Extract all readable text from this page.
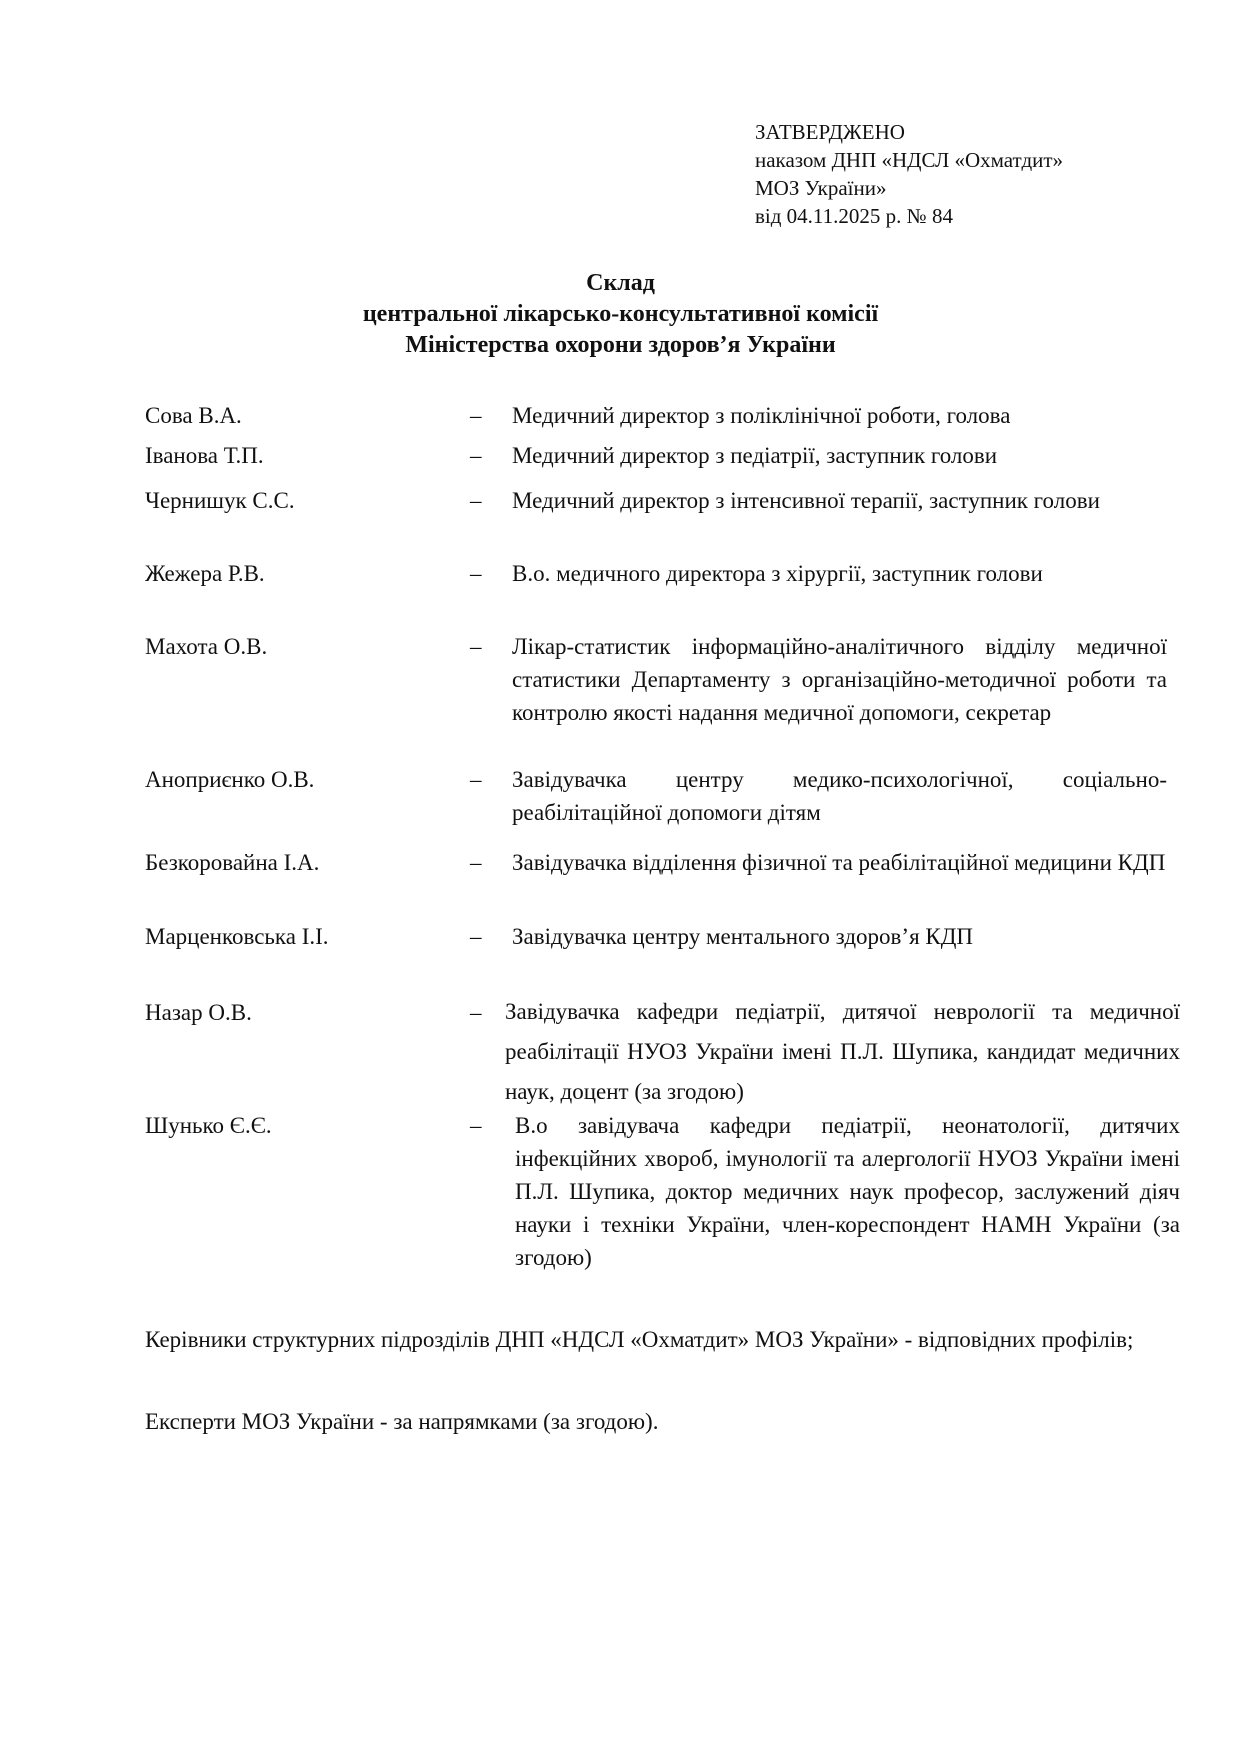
ЗАТВЕРДЖЕНО
наказом ДНП «НДСЛ «Охматдит»
МОЗ України»
від 04.11.2025 р. № 84
Склад
центральної лікарсько-консультативної комісії
Міністерства охорони здоров’я України
Сова В.А.	– Медичний директор з поліклінічної роботи, голова
Іванова Т.П.	– Медичний директор з педіатрії, заступник голови
Чернишук С.С.	– Медичний директор з інтенсивної терапії, заступник голови
Жежера Р.В.	– В.о. медичного директора з хірургії, заступник голови
Махота О.В.	– Лікар-статистик інформаційно-аналітичного відділу медичної статистики Департаменту з організаційно-методичної роботи та контролю якості надання медичної допомоги, секретар
Аноприєнко О.В.	– Завідувачка центру медико-психологічної, соціально-реабілітаційної допомоги дітям
Безкоровайна І.А.	– Завідувачка відділення фізичної та реабілітаційної медицини КДП
Марценковська І.І.	– Завідувачка центру ментального здоров’я КДП
Назар О.В.	– Завідувачка кафедри педіатрії, дитячої неврології та медичної реабілітації НУОЗ України імені П.Л. Шупика, кандидат медичних наук, доцент (за згодою)
Шунько Є.Є.	– В.о завідувача кафедри педіатрії, неонатології, дитячих інфекційних хвороб, імунології та алергології НУОЗ України імені П.Л. Шупика, доктор медичних наук професор, заслужений діяч науки і техніки України, член-кореспондент НАМН України (за згодою)
Керівники структурних підрозділів ДНП «НДСЛ «Охматдит» МОЗ України» - відповідних профілів;
Експерти МОЗ України - за напрямками (за згодою).
